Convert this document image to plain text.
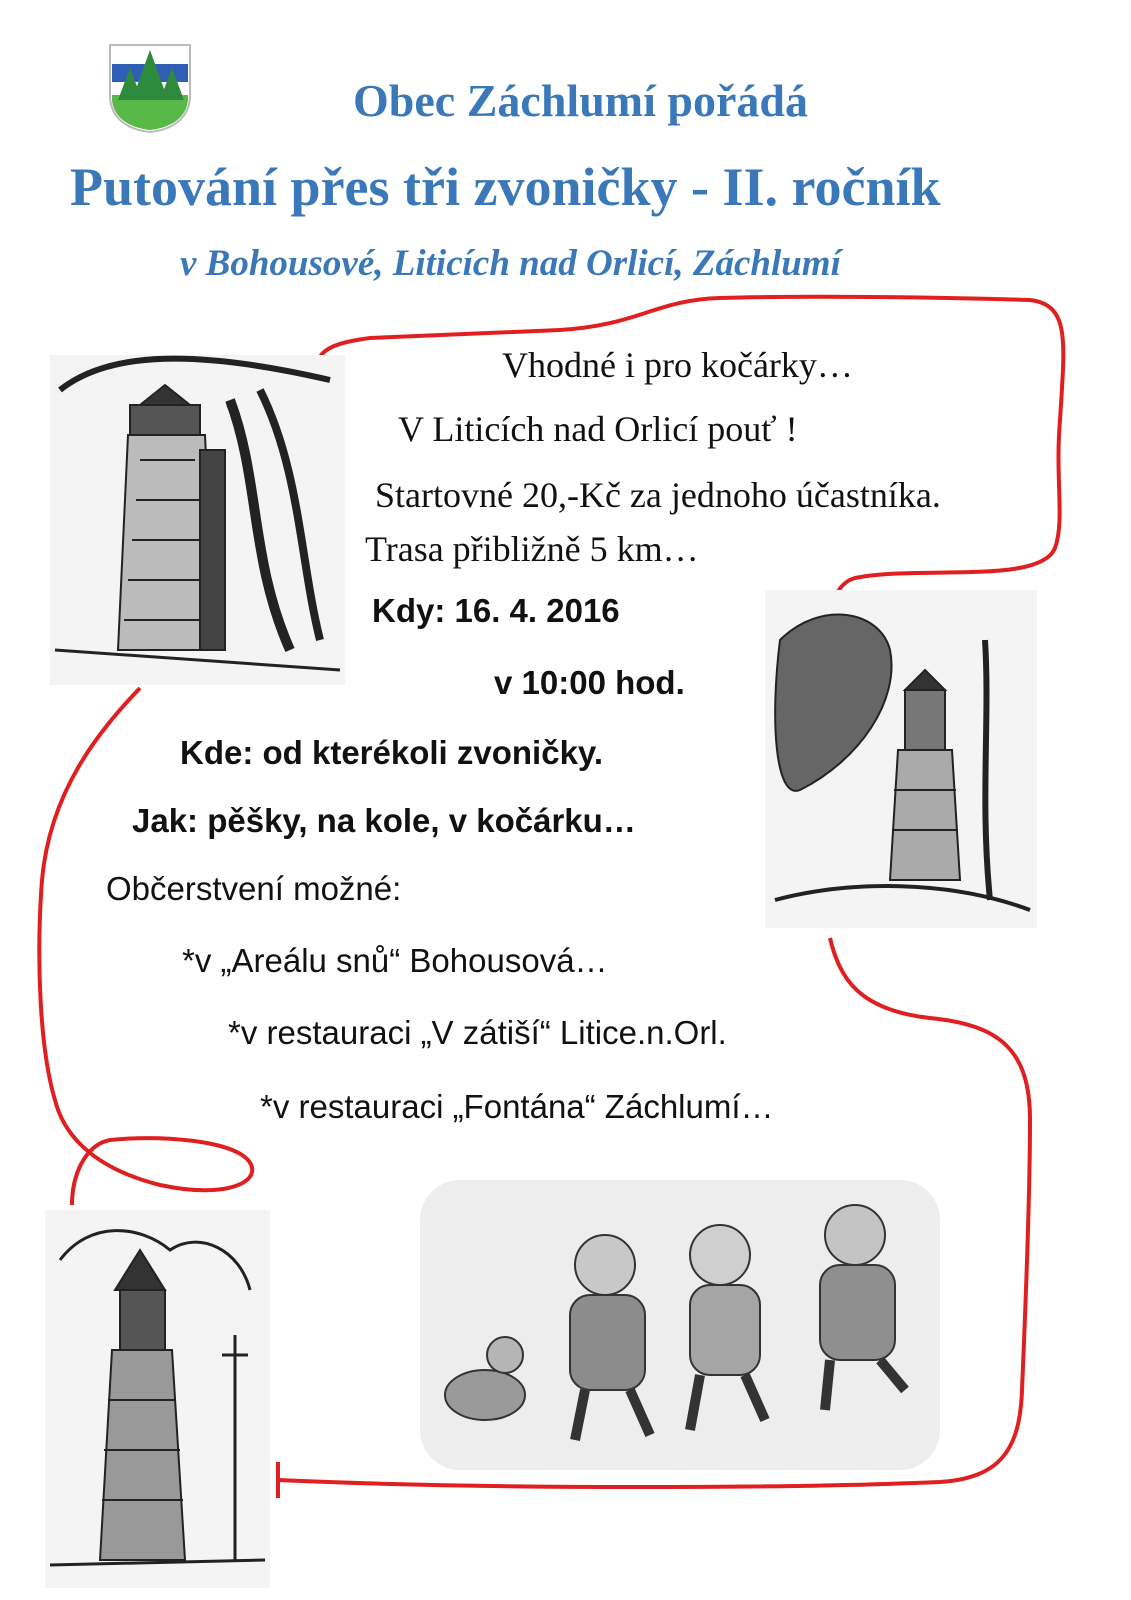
Obec Záchlumí pořádá
Putování přes tři zvoničky - II. ročník
v Bohousové, Liticích nad Orlicí, Záchlumí
Vhodné i pro kočárky…
V Liticích nad Orlicí pouť !
Startovné 20,-Kč za jednoho účastníka.
Trasa přibližně 5 km…
Kdy: 16. 4. 2016
v 10:00 hod.
Kde: od kterékoli zvoničky.
Jak: pěšky, na kole, v kočárku…
Občerstvení možné:
*v „Areálu snů“ Bohousová…
*v restauraci „V zátiší“ Litice.n.Orl.
*v restauraci „Fontána“ Záchlumí…
